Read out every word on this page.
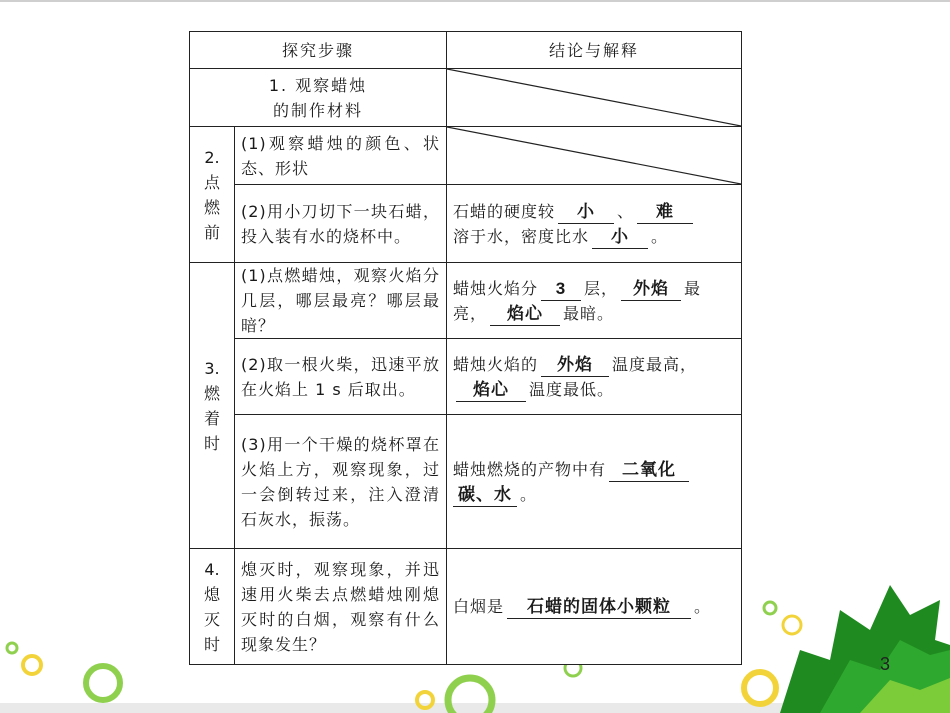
探究步骤		结论与解释

1. 观察蜡烛
的制作材料

2.
点
燃
前	(1)观察蜡烛的颜色、状态、形状	

	(2)用小刀切下一块石蜡，投入装有水的烧杯中。	石蜡的硬度较 小 、 难
溶于水，密度比水 小 。

3.
燃
着
时	(1)点燃蜡烛，观察火焰分几层，哪层最亮？哪层最暗？	蜡烛火焰分 3 层， 外焰 最亮， 焰心 最暗。
	(2)取一根火柴，迅速平放在火焰上 1 s 后取出。	蜡烛火焰的 外焰 温度最高，焰心 温度最低。
	(3)用一个干燥的烧杯罩在火焰上方，观察现象，过一会倒转过来，注入澄清石灰水，振荡。	蜡烛燃烧的产物中有 二氧化
碳、水 。

4.
熄
灭
时	熄灭时，观察现象，并迅速用火柴去点燃蜡烛刚熄灭时的白烟，观察有什么现象发生？	白烟是 石蜡的固体小颗粒 。
3
